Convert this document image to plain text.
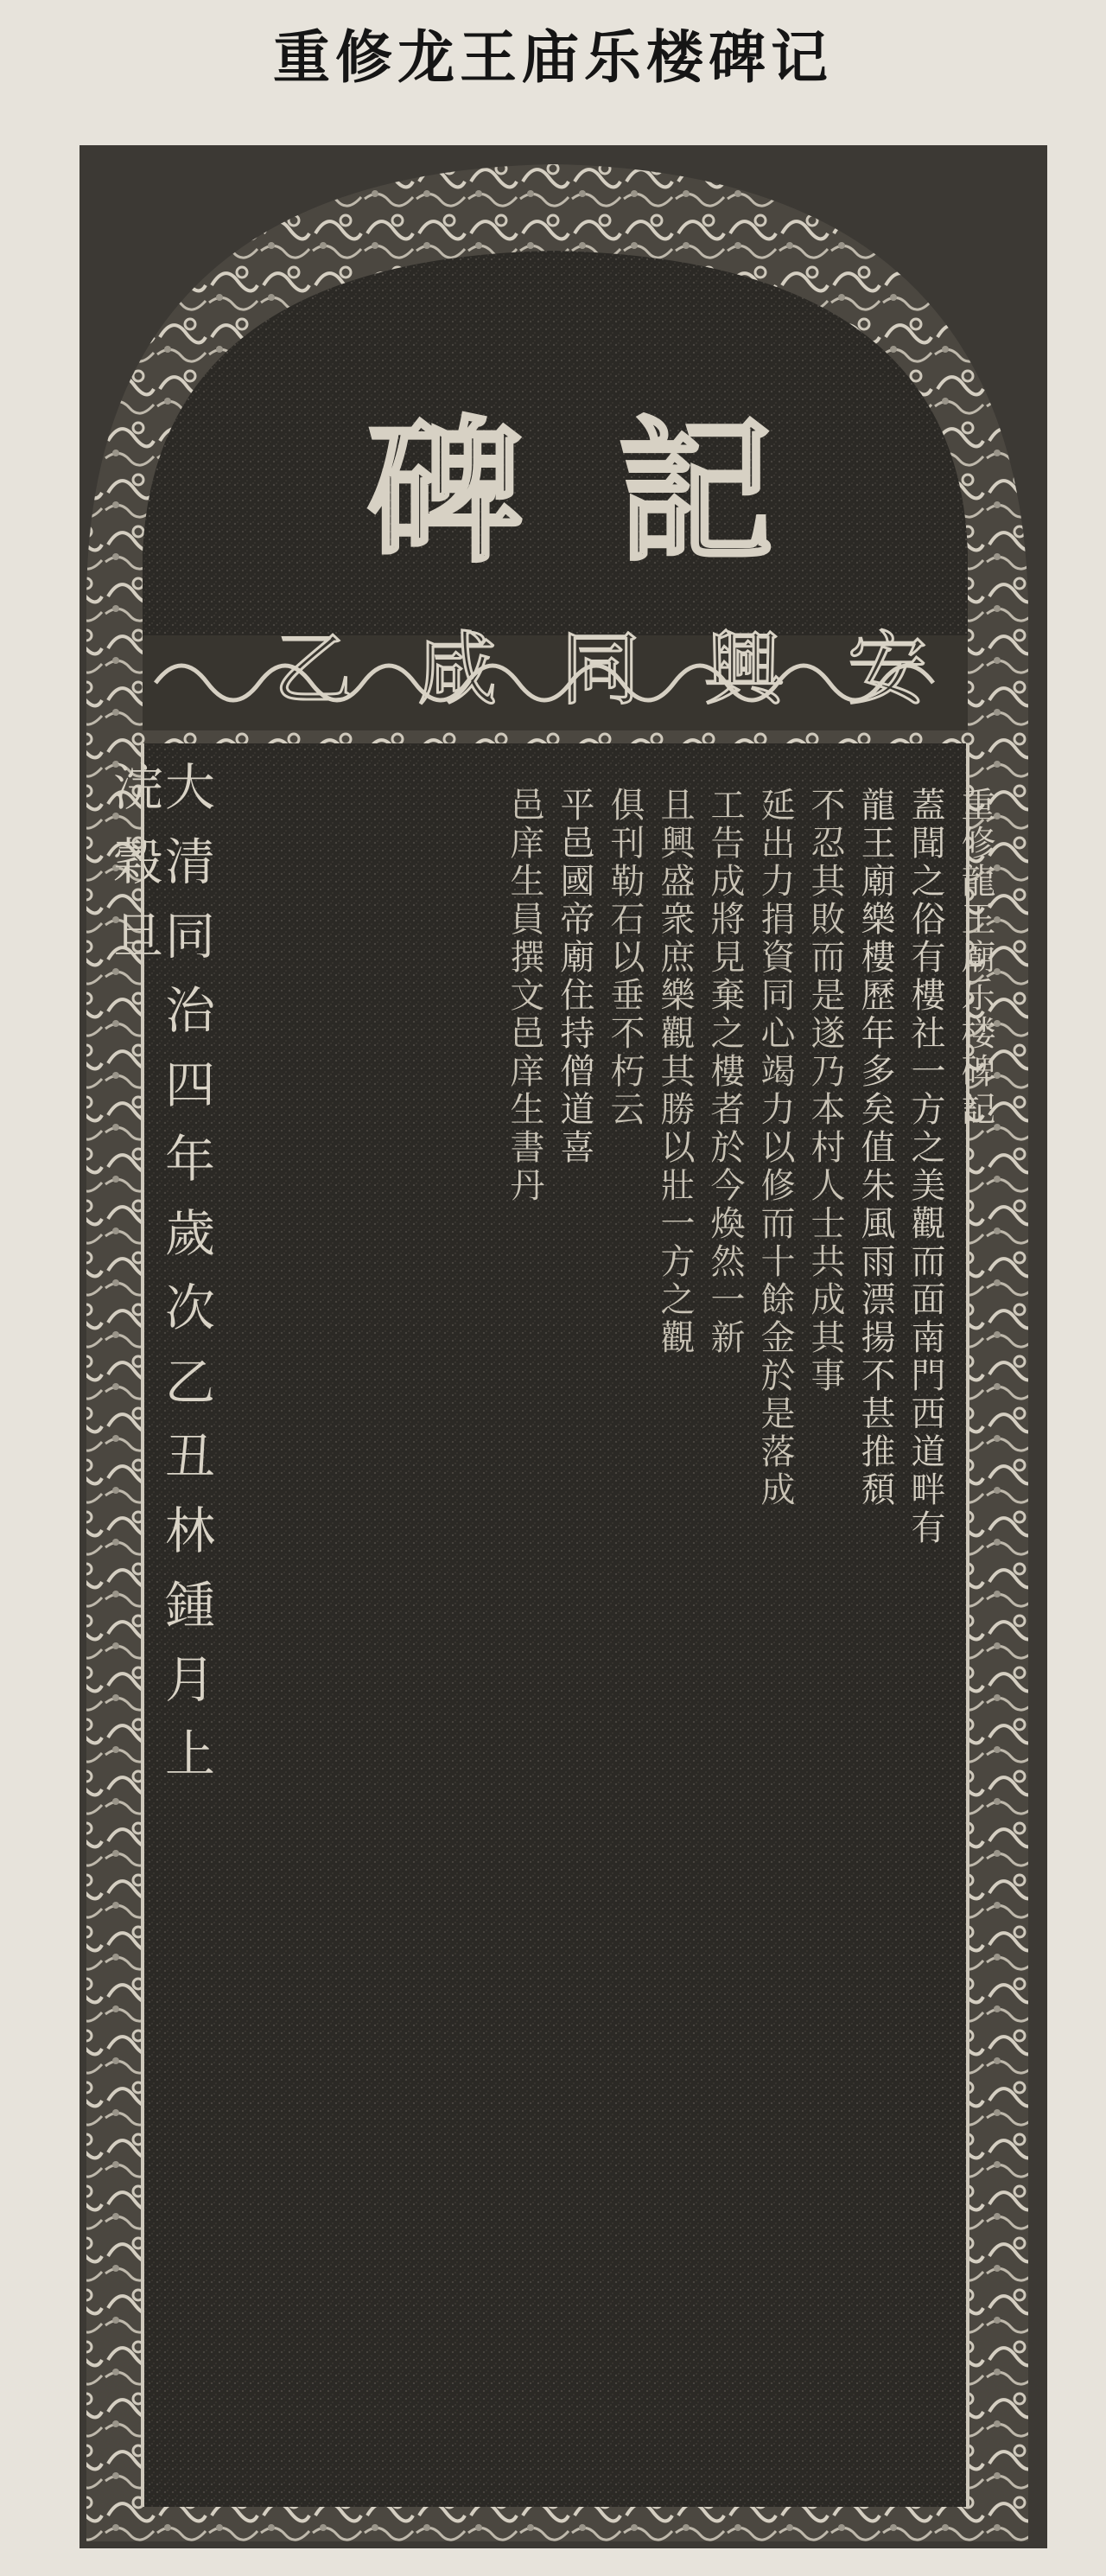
重修龙王庙乐楼碑记
碑 記
乙 咸 同 興 安
重修龍王廟乐楼碑記
蓋聞之俗有樓社一方之美觀而面南門西道畔有
龍王廟樂樓歷年多矣值朱風雨漂揚不甚推頹
不忍其敗而是遂乃本村人士共成其事
延出力捐資同心竭力以修而十餘金於是落成
工告成將見棄之樓者於今煥然一新
且興盛衆庶樂觀其勝以壯一方之觀
俱刊勒石以垂不朽云
平邑國帝廟住持僧道喜
邑庠生員撰文邑庠生書丹
大清同治四年歲次乙丑林鍾月上浣穀旦
